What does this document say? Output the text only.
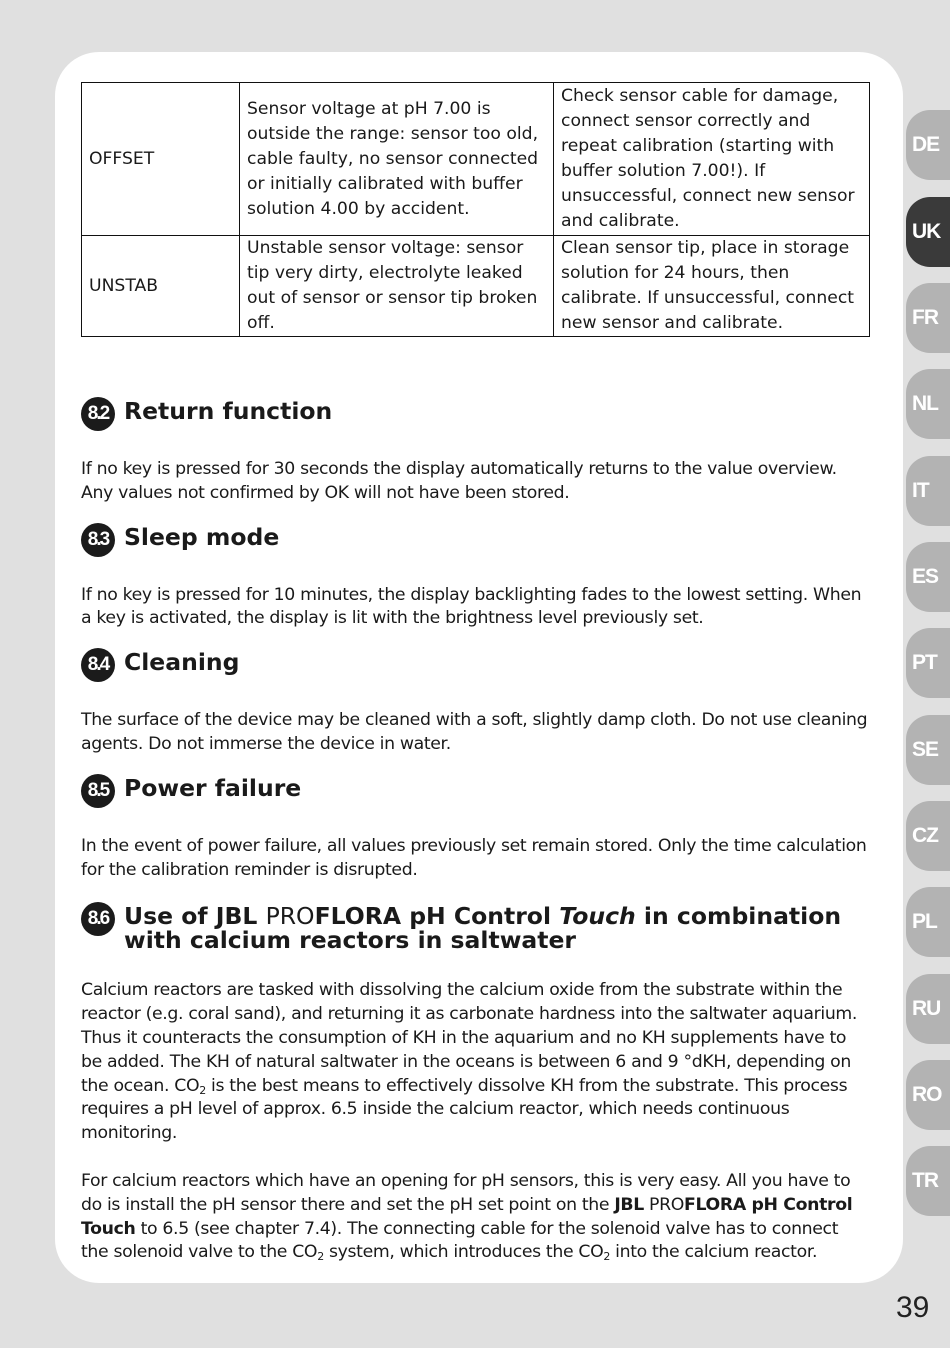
OFFSET	Sensor voltage at pH 7.00 is outside the range: sensor too old, cable faulty, no sensor connected or initially calibrated with buffer solution 4.00 by accident.	Check sensor cable for damage, connect sensor correctly and repeat calibration (starting with buffer solution 7.00!). If unsuccessful, connect new sensor and calibrate.
UNSTAB	Unstable sensor voltage: sensor tip very dirty, electrolyte leaked out of sensor or sensor tip broken off.	Clean sensor tip, place in storage solution for 24 hours, then calibrate. If unsuccessful, connect new sensor and calibrate.
8.2 Return function

If no key is pressed for 30 seconds the display automatically returns to the value overview. Any values not confirmed by OK will not have been stored.

8.3 Sleep mode

If no key is pressed for 10 minutes, the display backlighting fades to the lowest setting. When a key is activated, the display is lit with the brightness level previously set.

8.4 Cleaning

The surface of the device may be cleaned with a soft, slightly damp cloth. Do not use cleaning agents. Do not immerse the device in water.

8.5 Power failure

In the event of power failure, all values previously set remain stored. Only the time calculation for the calibration reminder is disrupted.

8.6 Use of JBL PROFLORA pH Control Touch in combination with calcium reactors in saltwater

Calcium reactors are tasked with dissolving the calcium oxide from the substrate within the reactor (e.g. coral sand), and returning it as carbonate hardness into the saltwater aquarium. Thus it counteracts the consumption of KH in the aquarium and no KH supplements have to be added. The KH of natural saltwater in the oceans is between 6 and 9 °dKH, depending on the ocean. $CO_2$ is the best means to effectively dissolve KH from the substrate. This process requires a pH level of approx. 6.5 inside the calcium reactor, which needs continuous monitoring.

For calcium reactors which have an opening for pH sensors, this is very easy. All you have to do is install the pH sensor there and set the pH set point on the JBL PROFLORA pH Control Touch to 6.5 (see chapter 7.4). The connecting cable for the solenoid valve has to connect the solenoid valve to the $CO_2$ system, which introduces the $CO_2$ into the calcium reactor.

DE
UK
FR
NL
IT
ES
PT
SE
CZ
PL
RU
RO
TR
39
